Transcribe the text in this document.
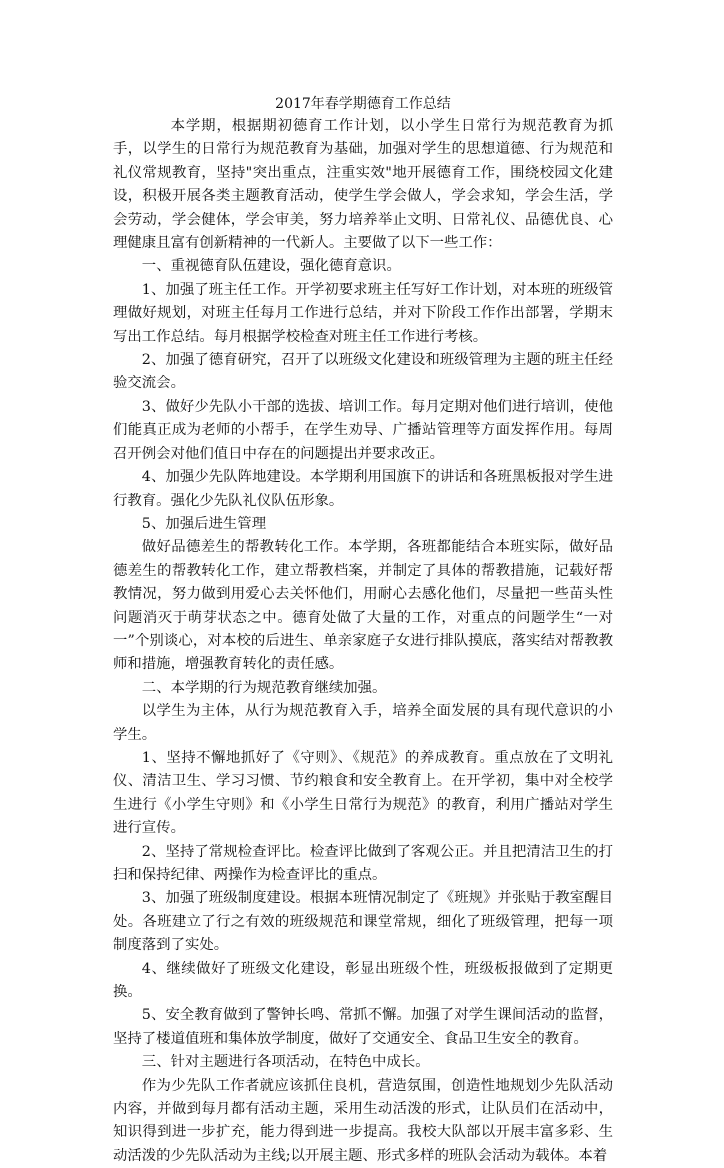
2017年春学期德育工作总结

本学期，根据期初德育工作计划，以小学生日常行为规范教育为抓手，以学生的日常行为规范教育为基础，加强对学生的思想道德、行为规范和礼仪常规教育，坚持"突出重点，注重实效"地开展德育工作，围绕校园文化建设，积极开展各类主题教育活动，使学生学会做人，学会求知，学会生活，学会劳动，学会健体，学会审美，努力培养举止文明、日常礼仪、品德优良、心理健康且富有创新精神的一代新人。主要做了以下一些工作：

一、重视德育队伍建设，强化德育意识。

1、加强了班主任工作。开学初要求班主任写好工作计划，对本班的班级管理做好规划，对班主任每月工作进行总结，并对下阶段工作作出部署，学期末写出工作总结。每月根据学校检查对班主任工作进行考核。

2、加强了德育研究，召开了以班级文化建设和班级管理为主题的班主任经验交流会。

3、做好少先队小干部的选拔、培训工作。每月定期对他们进行培训，使他们能真正成为老师的小帮手，在学生劝导、广播站管理等方面发挥作用。每周召开例会对他们值日中存在的问题提出并要求改正。

4、加强少先队阵地建设。本学期利用国旗下的讲话和各班黑板报对学生进行教育。强化少先队礼仪队伍形象。

5、加强后进生管理

做好品德差生的帮教转化工作。本学期，各班都能结合本班实际，做好品德差生的帮教转化工作，建立帮教档案，并制定了具体的帮教措施，记载好帮教情况，努力做到用爱心去关怀他们，用耐心去感化他们，尽量把一些苗头性问题消灭于萌芽状态之中。德育处做了大量的工作，对重点的问题学生“一对一”个别谈心，对本校的后进生、单亲家庭子女进行排队摸底，落实结对帮教教师和措施，增强教育转化的责任感。

二、本学期的行为规范教育继续加强。

以学生为主体，从行为规范教育入手，培养全面发展的具有现代意识的小学生。

1、坚持不懈地抓好了《守则》、《规范》的养成教育。重点放在了文明礼仪、清洁卫生、学习习惯、节约粮食和安全教育上。在开学初，集中对全校学生进行《小学生守则》和《小学生日常行为规范》的教育，利用广播站对学生进行宣传。

2、坚持了常规检查评比。检查评比做到了客观公正。并且把清洁卫生的打扫和保持纪律、两操作为检查评比的重点。

3、加强了班级制度建设。根据本班情况制定了《班规》并张贴于教室醒目处。各班建立了行之有效的班级规范和课堂常规，细化了班级管理，把每一项制度落到了实处。

4、继续做好了班级文化建设，彰显出班级个性，班级板报做到了定期更换。

5、安全教育做到了警钟长鸣、常抓不懈。加强了对学生课间活动的监督，坚持了楼道值班和集体放学制度，做好了交通安全、食品卫生安全的教育。

三、针对主题进行各项活动，在特色中成长。

作为少先队工作者就应该抓住良机，营造氛围，创造性地规划少先队活动内容，并做到每月都有活动主题，采用生动活泼的形式，让队员们在活动中，知识得到进一步扩充，能力得到进一步提高。我校大队部以开展丰富多彩、生动活泼的少先队活动为主线;以开展主题、形式多样的班队会活动为载体。本着
